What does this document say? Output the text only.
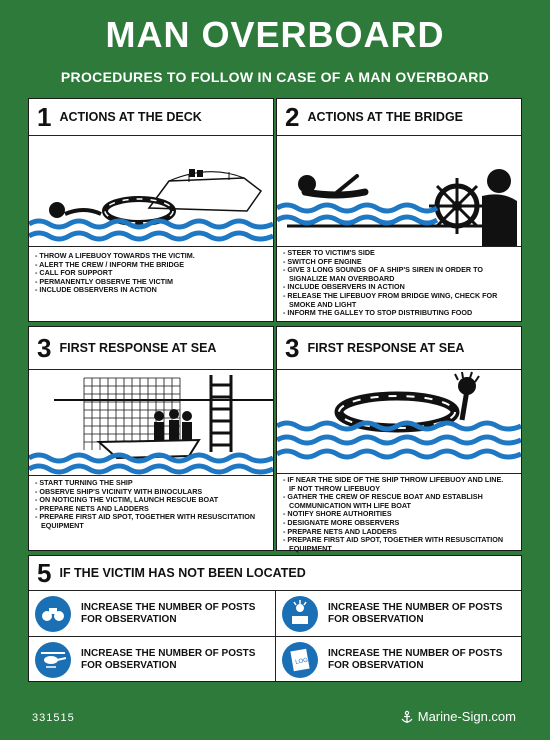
MAN OVERBOARD
PROCEDURES TO FOLLOW IN CASE OF A MAN OVERBOARD
1 ACTIONS AT THE DECK
- THROW A LIFEBUOY TOWARDS THE VICTIM.
- ALERT THE CREW / INFORM THE BRIDGE
- CALL FOR SUPPORT
- PERMANENTLY OBSERVE THE VICTIM
- INCLUDE OBSERVERS IN ACTION
2 ACTIONS AT THE BRIDGE
- STEER TO VICTIM'S SIDE
- SWITCH OFF ENGINE
- GIVE 3 LONG SOUNDS OF A SHIP'S SIREN IN ORDER TO
SIGNALIZE MAN OVERBOARD
- INCLUDE OBSERVERS IN ACTION
- RELEASE THE LIFEBUOY FROM BRIDGE WING, CHECK FOR
SMOKE AND LIGHT
- INFORM THE GALLEY TO STOP DISTRIBUTING FOOD
3 FIRST RESPONSE AT SEA
- START TURNING THE SHIP
- OBSERVE SHIP'S VICINITY WITH BINOCULARS
- ON NOTICING THE VICTIM, LAUNCH RESCUE BOAT
- PREPARE NETS AND LADDERS
- PREPARE FIRST AID SPOT, TOGETHER WITH RESUSCITATION
EQUIPMENT
3 FIRST RESPONSE AT SEA
- IF NEAR THE SIDE OF THE SHIP THROW LIFEBUOY AND LINE.
IF NOT THROW LIFEBUOY
- GATHER THE CREW OF RESCUE BOAT AND ESTABLISH
COMMUNICATION WITH LIFE BOAT
- NOTIFY SHORE AUTHORITIES
- DESIGNATE MORE OBSERVERS
- PREPARE NETS AND LADDERS
- PREPARE FIRST AID SPOT, TOGETHER WITH RESUSCITATION
EQUIPMENT
5 IF THE VICTIM HAS NOT BEEN LOCATED
INCREASE THE NUMBER OF POSTS
FOR OBSERVATION
INCREASE THE NUMBER OF POSTS
FOR OBSERVATION
INCREASE THE NUMBER OF POSTS
FOR OBSERVATION	LOG
INCREASE THE NUMBER OF POSTS
FOR OBSERVATION
331515	Marine-Sign.com
